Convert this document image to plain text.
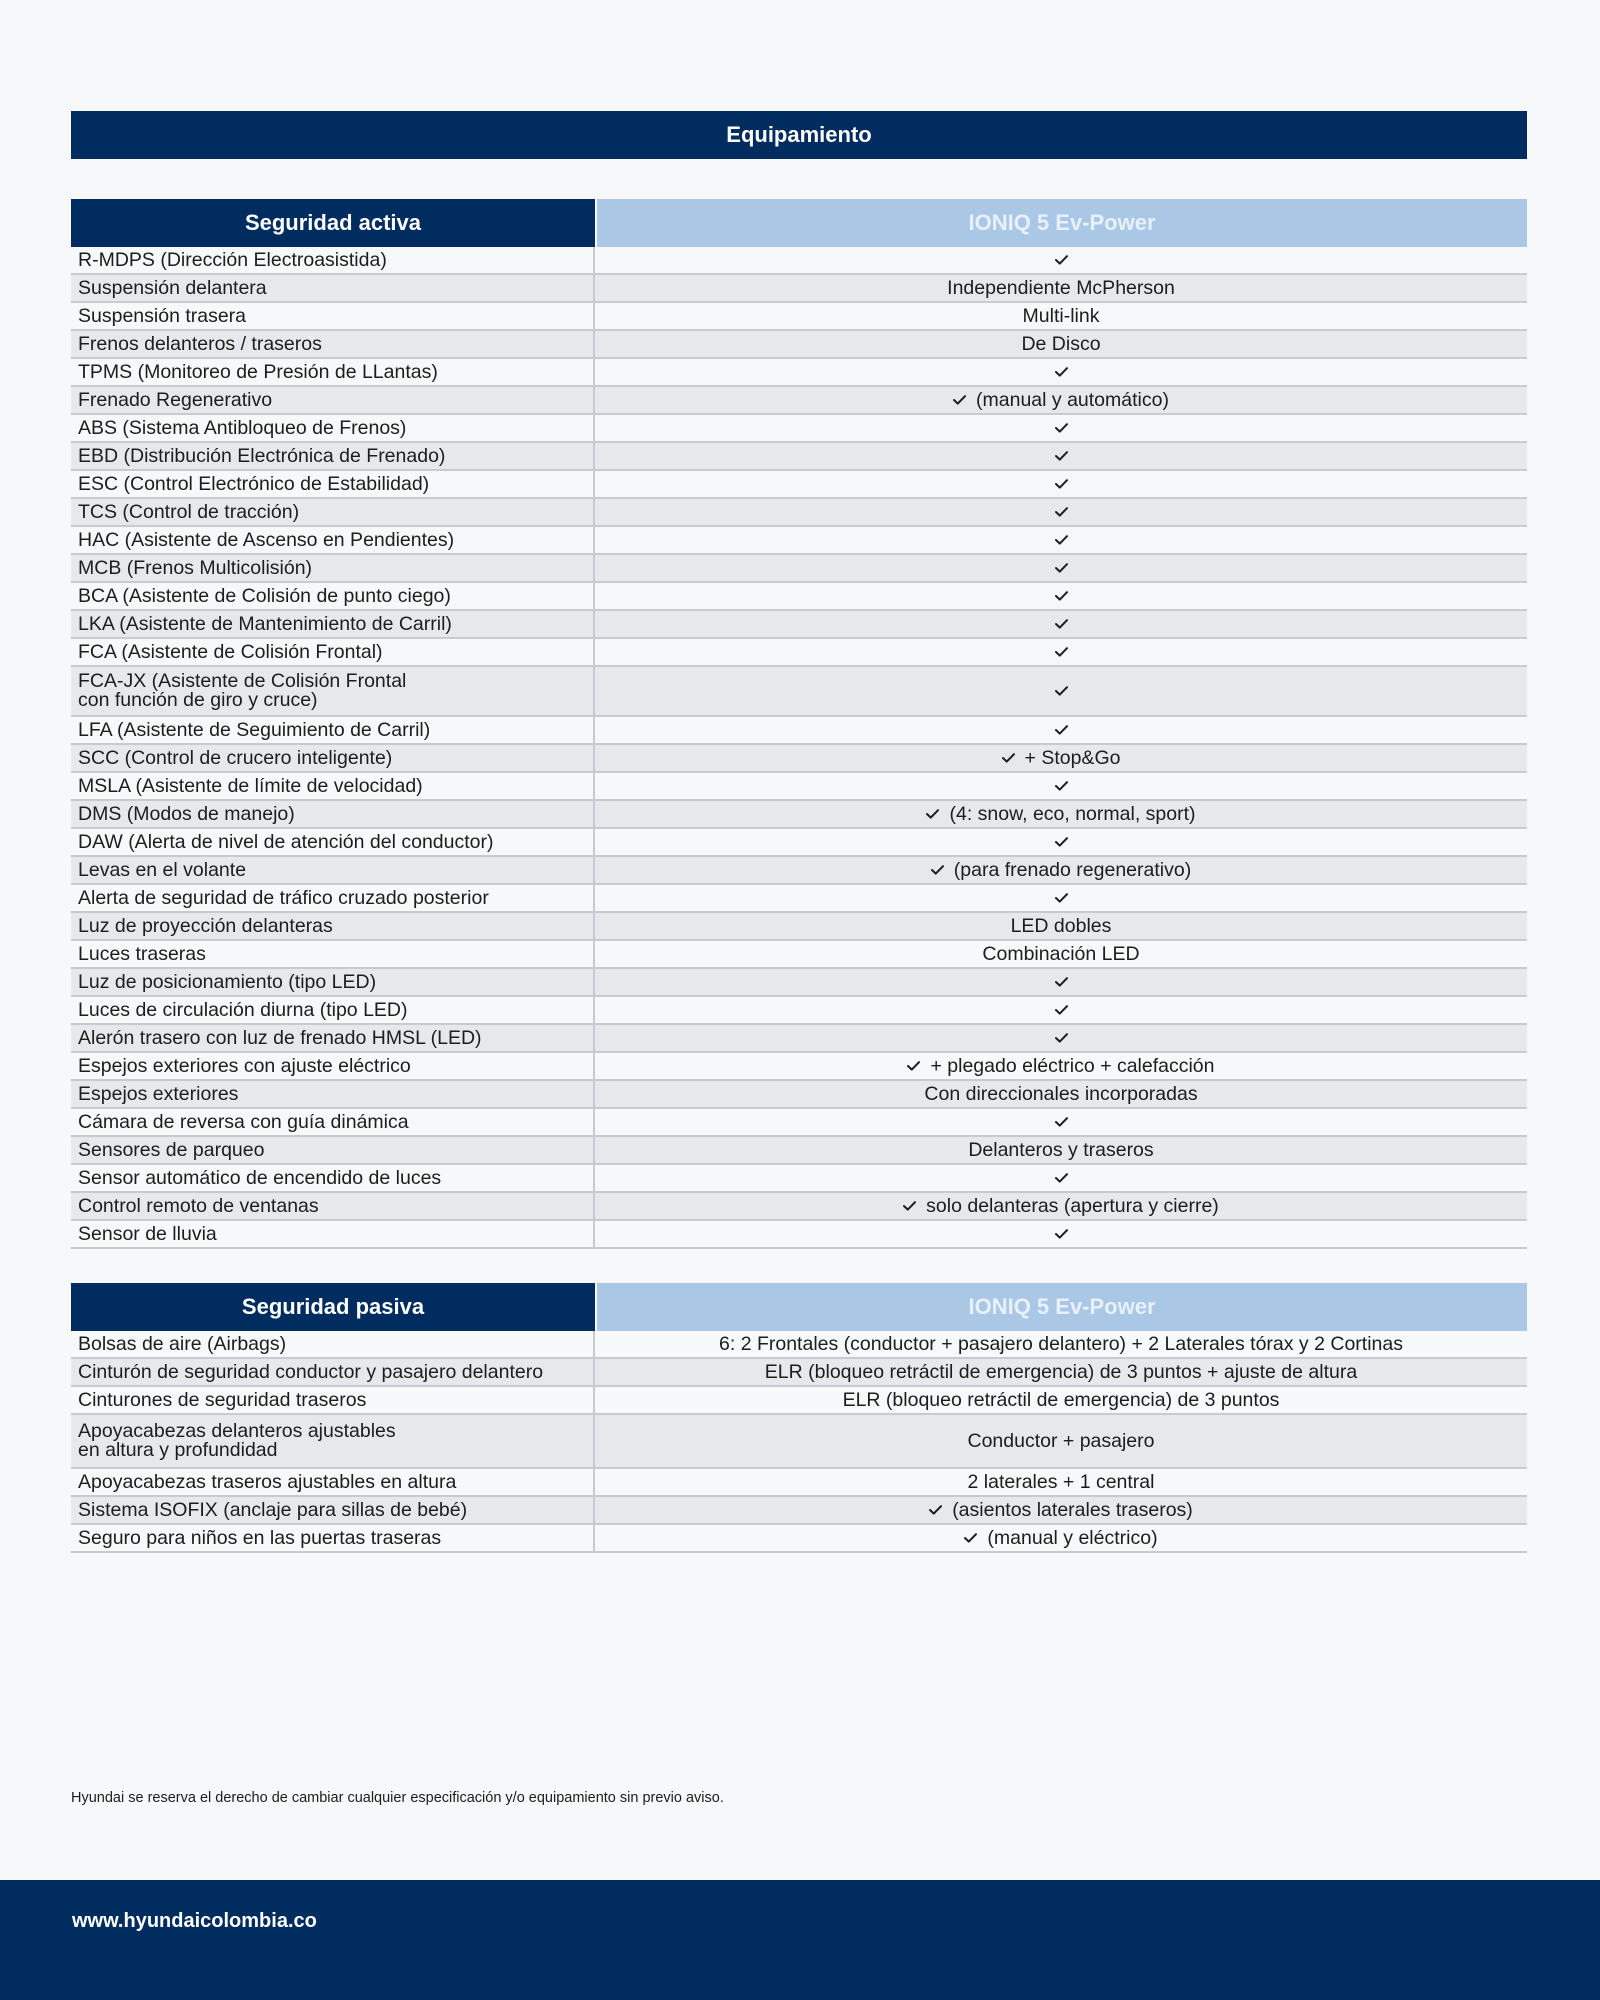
Equipamiento
Seguridad activa	IONIQ 5 Ev-Power
R-MDPS (Dirección Electroasistida)
Suspensión delantera	Independiente McPherson
Suspensión trasera	Multi-link
Frenos delanteros / traseros	De Disco
TPMS (Monitoreo de Presión de LLantas)
Frenado Regenerativo	(manual y automático)
ABS (Sistema Antibloqueo de Frenos)
EBD (Distribución Electrónica de Frenado)
ESC (Control Electrónico de Estabilidad)
TCS (Control de tracción)
HAC (Asistente de Ascenso en Pendientes)
MCB (Frenos Multicolisión)
BCA (Asistente de Colisión de punto ciego)
LKA (Asistente de Mantenimiento de Carril)
FCA (Asistente de Colisión Frontal)
FCA-JX (Asistente de Colisión Frontal
con función de giro y cruce)
LFA (Asistente de Seguimiento de Carril)
SCC (Control de crucero inteligente)	+ Stop&Go
MSLA (Asistente de límite de velocidad)
DMS (Modos de manejo)	(4: snow, eco, normal, sport)
DAW (Alerta de nivel de atención del conductor)
Levas en el volante	(para frenado regenerativo)
Alerta de seguridad de tráfico cruzado posterior
Luz de proyección delanteras	LED dobles
Luces traseras	Combinación LED
Luz de posicionamiento (tipo LED)
Luces de circulación diurna (tipo LED)
Alerón trasero con luz de frenado HMSL (LED)
Espejos exteriores con ajuste eléctrico	+ plegado eléctrico + calefacción
Espejos exteriores	Con direccionales incorporadas
Cámara de reversa con guía dinámica
Sensores de parqueo	Delanteros y traseros
Sensor automático de encendido de luces
Control remoto de ventanas	solo delanteras (apertura y cierre)
Sensor de lluvia
Seguridad pasiva	IONIQ 5 Ev-Power
Bolsas de aire (Airbags)	6: 2 Frontales (conductor + pasajero delantero) + 2 Laterales tórax y 2 Cortinas
Cinturón de seguridad conductor y pasajero delantero	ELR (bloqueo retráctil de emergencia) de 3 puntos + ajuste de altura
Cinturones de seguridad traseros	ELR (bloqueo retráctil de emergencia) de 3 puntos
Apoyacabezas delanteros ajustables
en altura y profundidad	Conductor + pasajero
Apoyacabezas traseros ajustables en altura	2 laterales + 1 central
Sistema ISOFIX (anclaje para sillas de bebé)	(asientos laterales traseros)
Seguro para niños en las puertas traseras	(manual y eléctrico)
Hyundai se reserva el derecho de cambiar cualquier especificación y/o equipamiento sin previo aviso.
www.hyundaicolombia.co
